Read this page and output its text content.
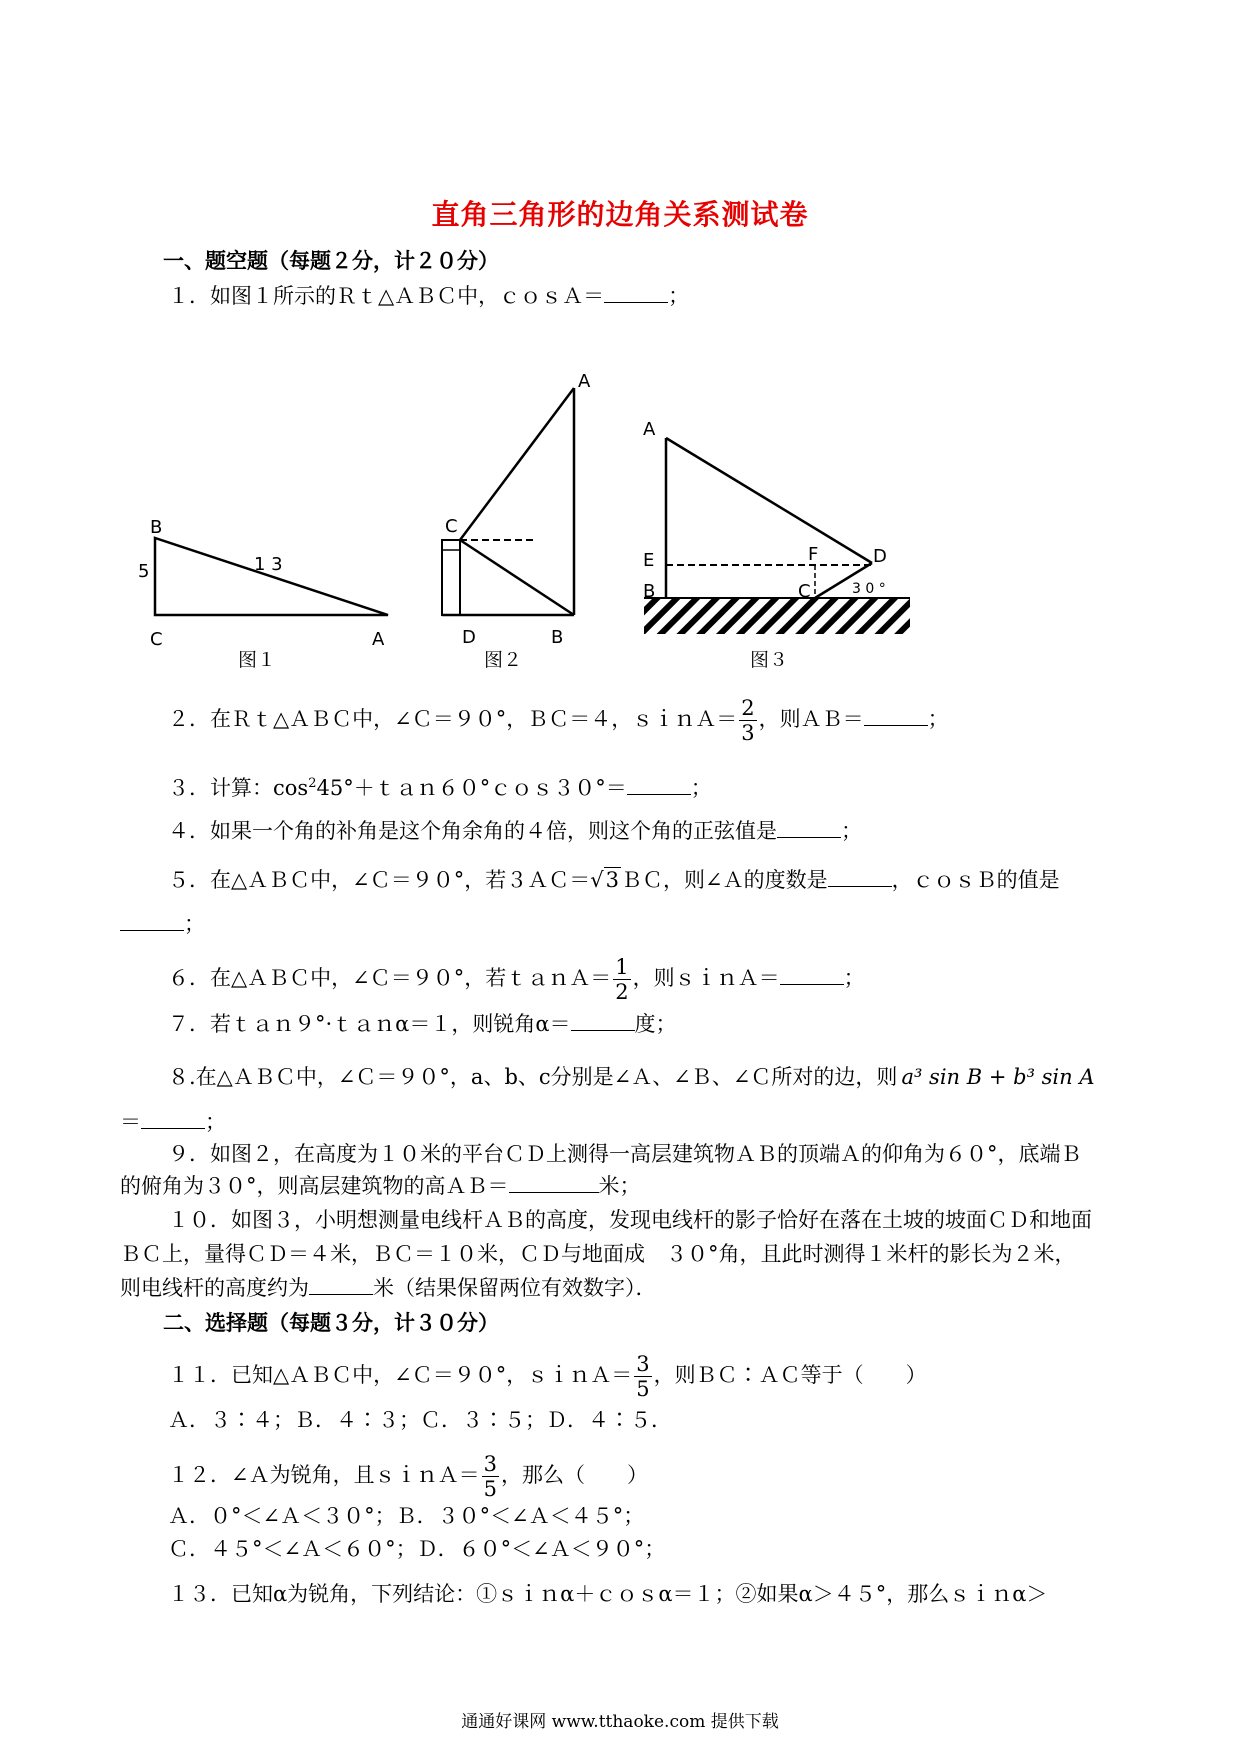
直角三角形的边角关系测试卷
一、题空题（每题２分，计２０分）
１．如图１所示的Ｒｔ△ＡＢＣ中，ｃｏｓＡ＝	；
B
5	1 3
C	A
图１
A
C
D	B
图２
A
E	F	D
B	C	3 0 °
图３
２．在Ｒｔ△ＡＢＣ中，∠Ｃ＝９０°，ＢＣ＝４，ｓｉｎＡ＝ $\frac{2}{3}$ ，则ＡＢ＝	；
３．计算：$\cos^245^\circ+tan60^\circ cos30^\circ=$	；
４．如果一个角的补角是这个角余角的４倍，则这个角的正弦值是	；
５．在△ＡＢＣ中，∠Ｃ＝９０°，若３ＡＣ＝√3ＢＣ，则∠Ａ的度数是	，ｃｏｓＢ的值是
；
６．在△ＡＢＣ中，∠Ｃ＝９０°，若ｔａｎＡ＝ $\frac{1}{2}$ ，则ｓｉｎＡ＝	；
７．若ｔａｎ９°·ｔａｎα＝１，则锐角α＝	度；
８.在△ＡＢＣ中，∠Ｃ＝９０°，a、b、c分别是∠Ａ、∠Ｂ、∠Ｃ所对的边，则 a³ sin B + b³ sin A
＝	；
９．如图２，在高度为１０米的平台ＣＤ上测得一高层建筑物ＡＢ的顶端Ａ的仰角为６０°，底端Ｂ
的俯角为３０°，则高层建筑物的高ＡＢ＝	米；
１０．如图３，小明想测量电线杆ＡＢ的高度，发现电线杆的影子恰好在落在土坡的坡面ＣＤ和地面
ＢＣ上，量得ＣＤ＝４米，ＢＣ＝１０米，ＣＤ与地面成　３０°角，且此时测得１米杆的影长为２米，
则电线杆的高度约为	米（结果保留两位有效数字）．
二、选择题（每题３分，计３０分）
１１．已知△ＡＢＣ中，∠Ｃ＝９０°，ｓｉｎＡ＝ $\frac{3}{5}$ ，则ＢＣ∶ＡＣ等于（　　）
Ａ．３∶４；Ｂ．４∶３；Ｃ．３∶５；Ｄ．４∶５．
１２．∠Ａ为锐角，且ｓｉｎＡ＝ $\frac{3}{5}$ ，那么（　　）
Ａ．０°＜∠Ａ＜３０°；Ｂ．３０°＜∠Ａ＜４５°；
Ｃ．４５°＜∠Ａ＜６０°；Ｄ．６０°＜∠Ａ＜９０°；
１３．已知α为锐角，下列结论：①ｓｉｎα＋ｃｏｓα＝１；②如果α＞４５°，那么ｓｉｎα＞
通通好课网 www.tthaoke.com 提供下载
